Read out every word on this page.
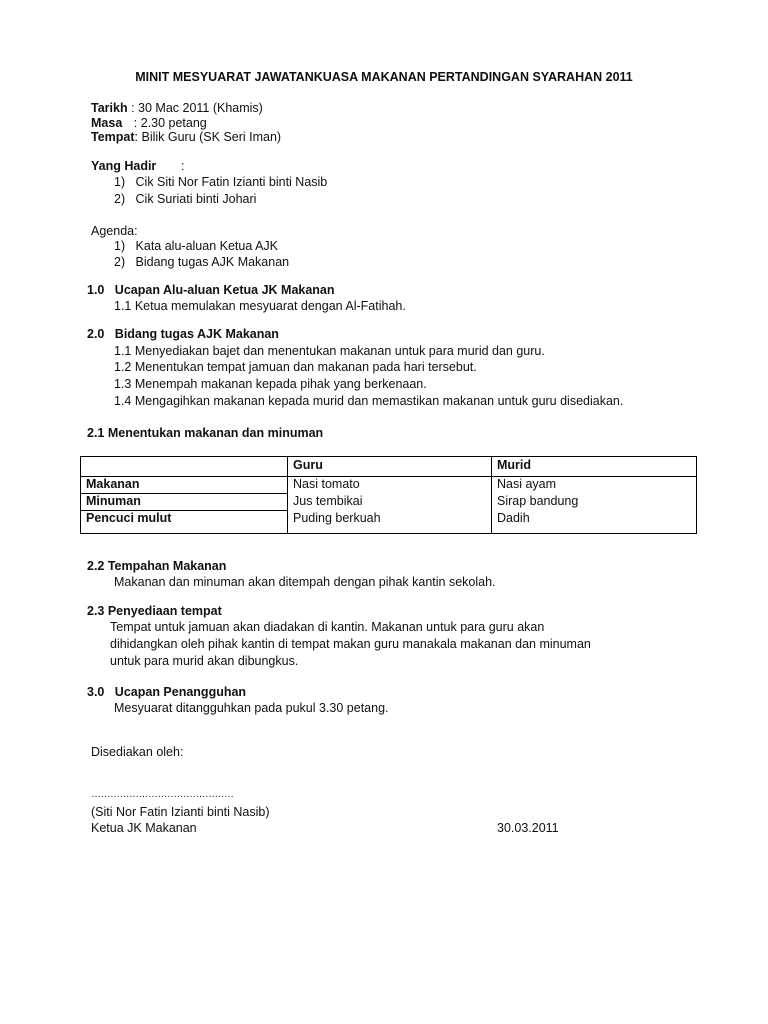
MINIT MESYUARAT JAWATANKUASA MAKANAN PERTANDINGAN SYARAHAN 2011
Tarikh : 30 Mac 2011 (Khamis)
Masa : 2.30 petang
Tempat: Bilik Guru (SK Seri Iman)
Yang Hadir :
1)   Cik Siti Nor Fatin Izianti binti Nasib
2)   Cik Suriati binti Johari
Agenda:
1)   Kata alu-aluan Ketua AJK
2)   Bidang tugas AJK Makanan
1.0   Ucapan Alu-aluan Ketua JK Makanan
1.1 Ketua memulakan mesyuarat dengan Al-Fatihah.
2.0   Bidang tugas AJK Makanan
1.1 Menyediakan bajet dan menentukan makanan untuk para murid dan guru.
1.2 Menentukan tempat jamuan dan makanan pada hari tersebut.
1.3 Menempah makanan kepada pihak yang berkenaan.
1.4 Mengagihkan makanan kepada murid dan memastikan makanan untuk guru disediakan.
2.1 Menentukan makanan dan minuman
	Guru	Murid
Makanan	Nasi tomato	Nasi ayam
Minuman	Jus tembikai	Sirap bandung
Pencuci mulut	Puding berkuah	Dadih
2.2 Tempahan Makanan
Makanan dan minuman akan ditempah dengan pihak kantin sekolah.
2.3 Penyediaan tempat
Tempat untuk jamuan akan diadakan di kantin. Makanan untuk para guru akan
dihidangkan oleh pihak kantin di tempat makan guru manakala makanan dan minuman
untuk para murid akan dibungkus.
3.0   Ucapan Penangguhan
Mesyuarat ditangguhkan pada pukul 3.30 petang.
Disediakan oleh:
………………………………………
(Siti Nor Fatin Izianti binti Nasib)
Ketua JK Makanan	30.03.2011
